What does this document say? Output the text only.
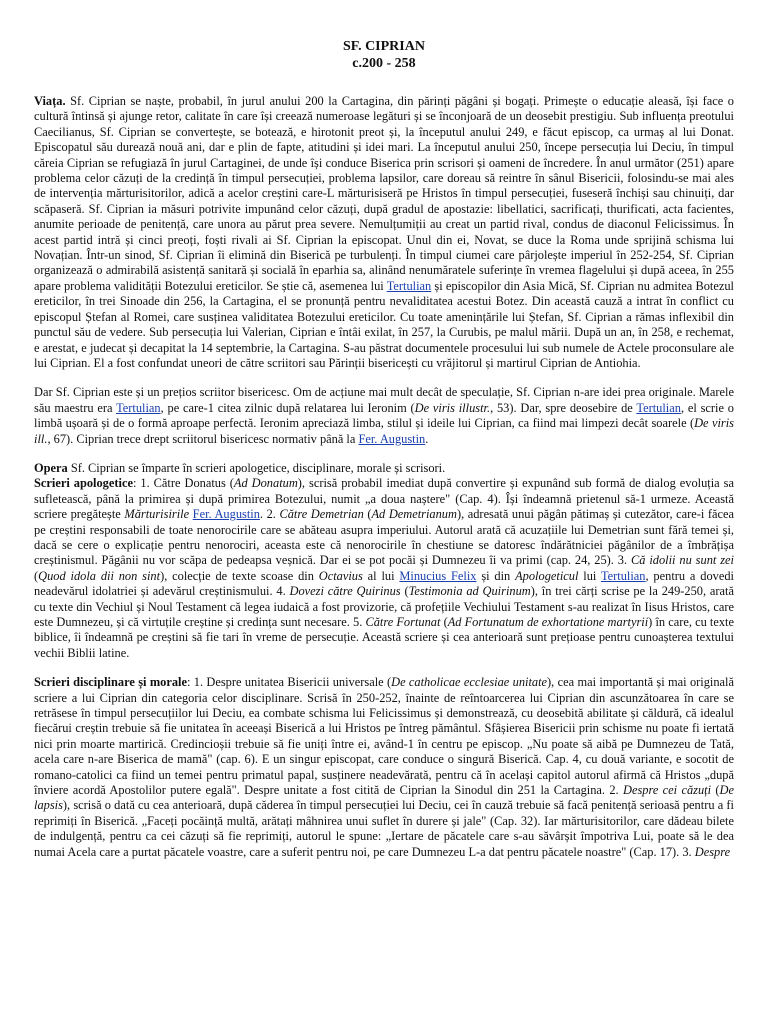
SF. CIPRIAN
c.200 - 258

Viața. Sf. Ciprian se naște, probabil, în jurul anului 200 la Cartagina, din părinți păgâni și bogați. Primește o educație aleasă, își face o cultură întinsă și ajunge retor, calitate în care își creează numeroase legături și se înconjoară de un deosebit prestigiu. Sub influența preotului Caecilianus, Sf. Ciprian se convertește, se botează, e hirotonit preot și, la începutul anului 249, e făcut episcop, ca urmaș al lui Donat. Episcopatul său durează nouă ani, dar e plin de fapte, atitudini și idei mari. La începutul anului 250, începe persecuția lui Deciu, în timpul căreia Ciprian se refugiază în jurul Cartaginei, de unde își conduce Biserica prin scrisori și oameni de încredere. În anul următor (251) apare problema celor căzuți de la credință în timpul persecuției, problema lapsilor, care doreau să reintre în sânul Bisericii, folosindu-se mai ales de intervenția mărturisitorilor, adică a acelor creștini care-L mărturisiseră pe Hristos în timpul persecuției, fuseseră închiși sau chinuiți, dar scăpaseră. Sf. Ciprian ia măsuri potrivite impunând celor căzuți, după gradul de apostazie: libellatici, sacrificați, thurificati, acta facientes, anumite perioade de penitență, care unora au părut prea severe. Nemulțumiții au creat un partid rival, condus de diaconul Felicissimus. În acest partid intră și cinci preoți, foști rivali ai Sf. Ciprian la episcopat. Unul din ei, Novat, se duce la Roma unde sprijină schisma lui Novațian. Într-un sinod, Sf. Ciprian îi elimină din Biserică pe turbulenți. În timpul ciumei care pârjolește imperiul în 252-254, Sf. Ciprian organizează o admirabilă asistență sanitară și socială în eparhia sa, alinând nenumăratele suferințe în vremea flagelului și după aceea, în 255 apare problema validității Botezului ereticilor. Se știe că, asemenea lui Tertulian și episcopilor din Asia Mică, Sf. Ciprian nu admitea Botezul ereticilor, în trei Sinoade din 256, la Cartagina, el se pronunță pentru nevaliditatea acestui Botez. Din această cauză a intrat în conflict cu episcopul Ștefan al Romei, care susținea validitatea Botezului ereticilor. Cu toate amenințările lui Ștefan, Sf. Ciprian a rămas inflexibil din punctul său de vedere. Sub persecuția lui Valerian, Ciprian e întâi exilat, în 257, la Curubis, pe malul mării. După un an, în 258, e rechemat, e arestat, e judecat și decapitat la 14 septembrie, la Cartagina. S-au păstrat documentele procesului lui sub numele de Actele proconsulare ale lui Ciprian. El a fost confundat uneori de către scriitori sau Părinții bisericești cu vrăjitorul și martirul Ciprian de Antiohia.

Dar Sf. Ciprian este și un prețios scriitor bisericesc. Om de acțiune mai mult decât de speculație, Sf. Ciprian n-are idei prea originale. Marele său maestru era Tertulian, pe care-1 citea zilnic după relatarea lui Ieronim (De viris illustr., 53). Dar, spre deosebire de Tertulian, el scrie o limbă ușoară și de o formă aproape perfectă. Ieronim apreciază limba, stilul și ideile lui Ciprian, ca fiind mai limpezi decât soarele (De viris ill., 67). Ciprian trece drept scriitorul bisericesc normativ până la Fer. Augustin.

Opera Sf. Ciprian se împarte în scrieri apologetice, disciplinare, morale și scrisori.

Scrieri apologetice: 1. Către Donatus (Ad Donatum), scrisă probabil imediat după convertire și expunând sub formă de dialog evoluția sa sufletească, până la primirea și după primirea Botezului, numit „a doua naștere" (Cap. 4). Își îndeamnă prietenul să-1 urmeze. Această scriere pregătește Mărturisirile Fer. Augustin. 2. Către Demetrian (Ad Demetrianum), adresată unui păgân pătimaș și cutezător, care-i făcea pe creștini responsabili de toate nenorocirile care se abăteau asupra imperiului. Autorul arată că acuzațiile lui Demetrian sunt fără temei și, dacă se cere o explicație pentru nenorociri, aceasta este că nenorocirile în chestiune se datoresc îndărătniciei păgânilor de a îmbrățișa creștinismul. Păgânii nu vor scăpa de pedeapsa veșnică. Dar ei se pot pocăi și Dumnezeu îi va primi (cap. 24, 25). 3. Că idolii nu sunt zei (Quod idola dii non sint), colecție de texte scoase din Octavius al lui Minucius Felix și din Apologeticul lui Tertulian, pentru a dovedi neadevărul idolatriei și adevărul creștinismului. 4. Dovezi către Quirinus (Testimonia ad Quirinum), în trei cărți scrise pe la 249-250, arată cu texte din Vechiul și Noul Testament că legea iudaică a fost provizorie, că profețiile Vechiului Testament s-au realizat în Iisus Hristos, care este Dumnezeu, și că virtuțile creștine și credința sunt necesare. 5. Către Fortunat (Ad Fortunatum de exhortatione martyrii) în care, cu texte biblice, îi îndeamnă pe creștini să fie tari în vreme de persecuție. Această scriere și cea anterioară sunt prețioase pentru cunoașterea textului vechii Biblii latine.

Scrieri disciplinare și morale: 1. Despre unitatea Bisericii universale (De catholicae ecclesiae unitate), cea mai importantă și mai originală scriere a lui Ciprian din categoria celor disciplinare. Scrisă în 250-252, înainte de reîntoarcerea lui Ciprian din ascunzătoarea în care se retrăsese în timpul persecuțiilor lui Deciu, ea combate schisma lui Felicissimus și demonstrează, cu deosebită abilitate și căldură, că idealul fiecărui creștin trebuie să fie unitatea în aceeași Biserică a lui Hristos pe întreg pământul. Sfâșierea Bisericii prin schisme nu poate fi iertată nici prin moarte martirică. Credincioșii trebuie să fie uniți între ei, având-1 în centru pe episcop. „Nu poate să aibă pe Dumnezeu de Tată, acela care n-are Biserica de mamă" (cap. 6). E un singur episcopat, care conduce o singură Biserică. Cap. 4, cu două variante, e socotit de romano-catolici ca fiind un temei pentru primatul papal, susținere neadevărată, pentru că în același capitol autorul afirmă că Hristos „după înviere acordă Apostolilor putere egală". Despre unitate a fost citită de Ciprian la Sinodul din 251 la Cartagina. 2. Despre cei căzuți (De lapsis), scrisă o dată cu cea anterioară, după căderea în timpul persecuției lui Deciu, cei în cauză trebuie să facă penitență serioasă pentru a fi reprimiți în Biserică. „Faceți pocăință multă, arătați mâhnirea unui suflet în durere și jale" (Cap. 32). Iar mărturisitorilor, care dădeau bilete de indulgență, pentru ca cei căzuți să fie reprimiți, autorul le spune: „Iertare de păcatele care s-au săvârșit împotriva Lui, poate să le dea numai Acela care a purtat păcatele voastre, care a suferit pentru noi, pe care Dumnezeu L-a dat pentru păcatele noastre" (Cap. 17). 3. Despre
